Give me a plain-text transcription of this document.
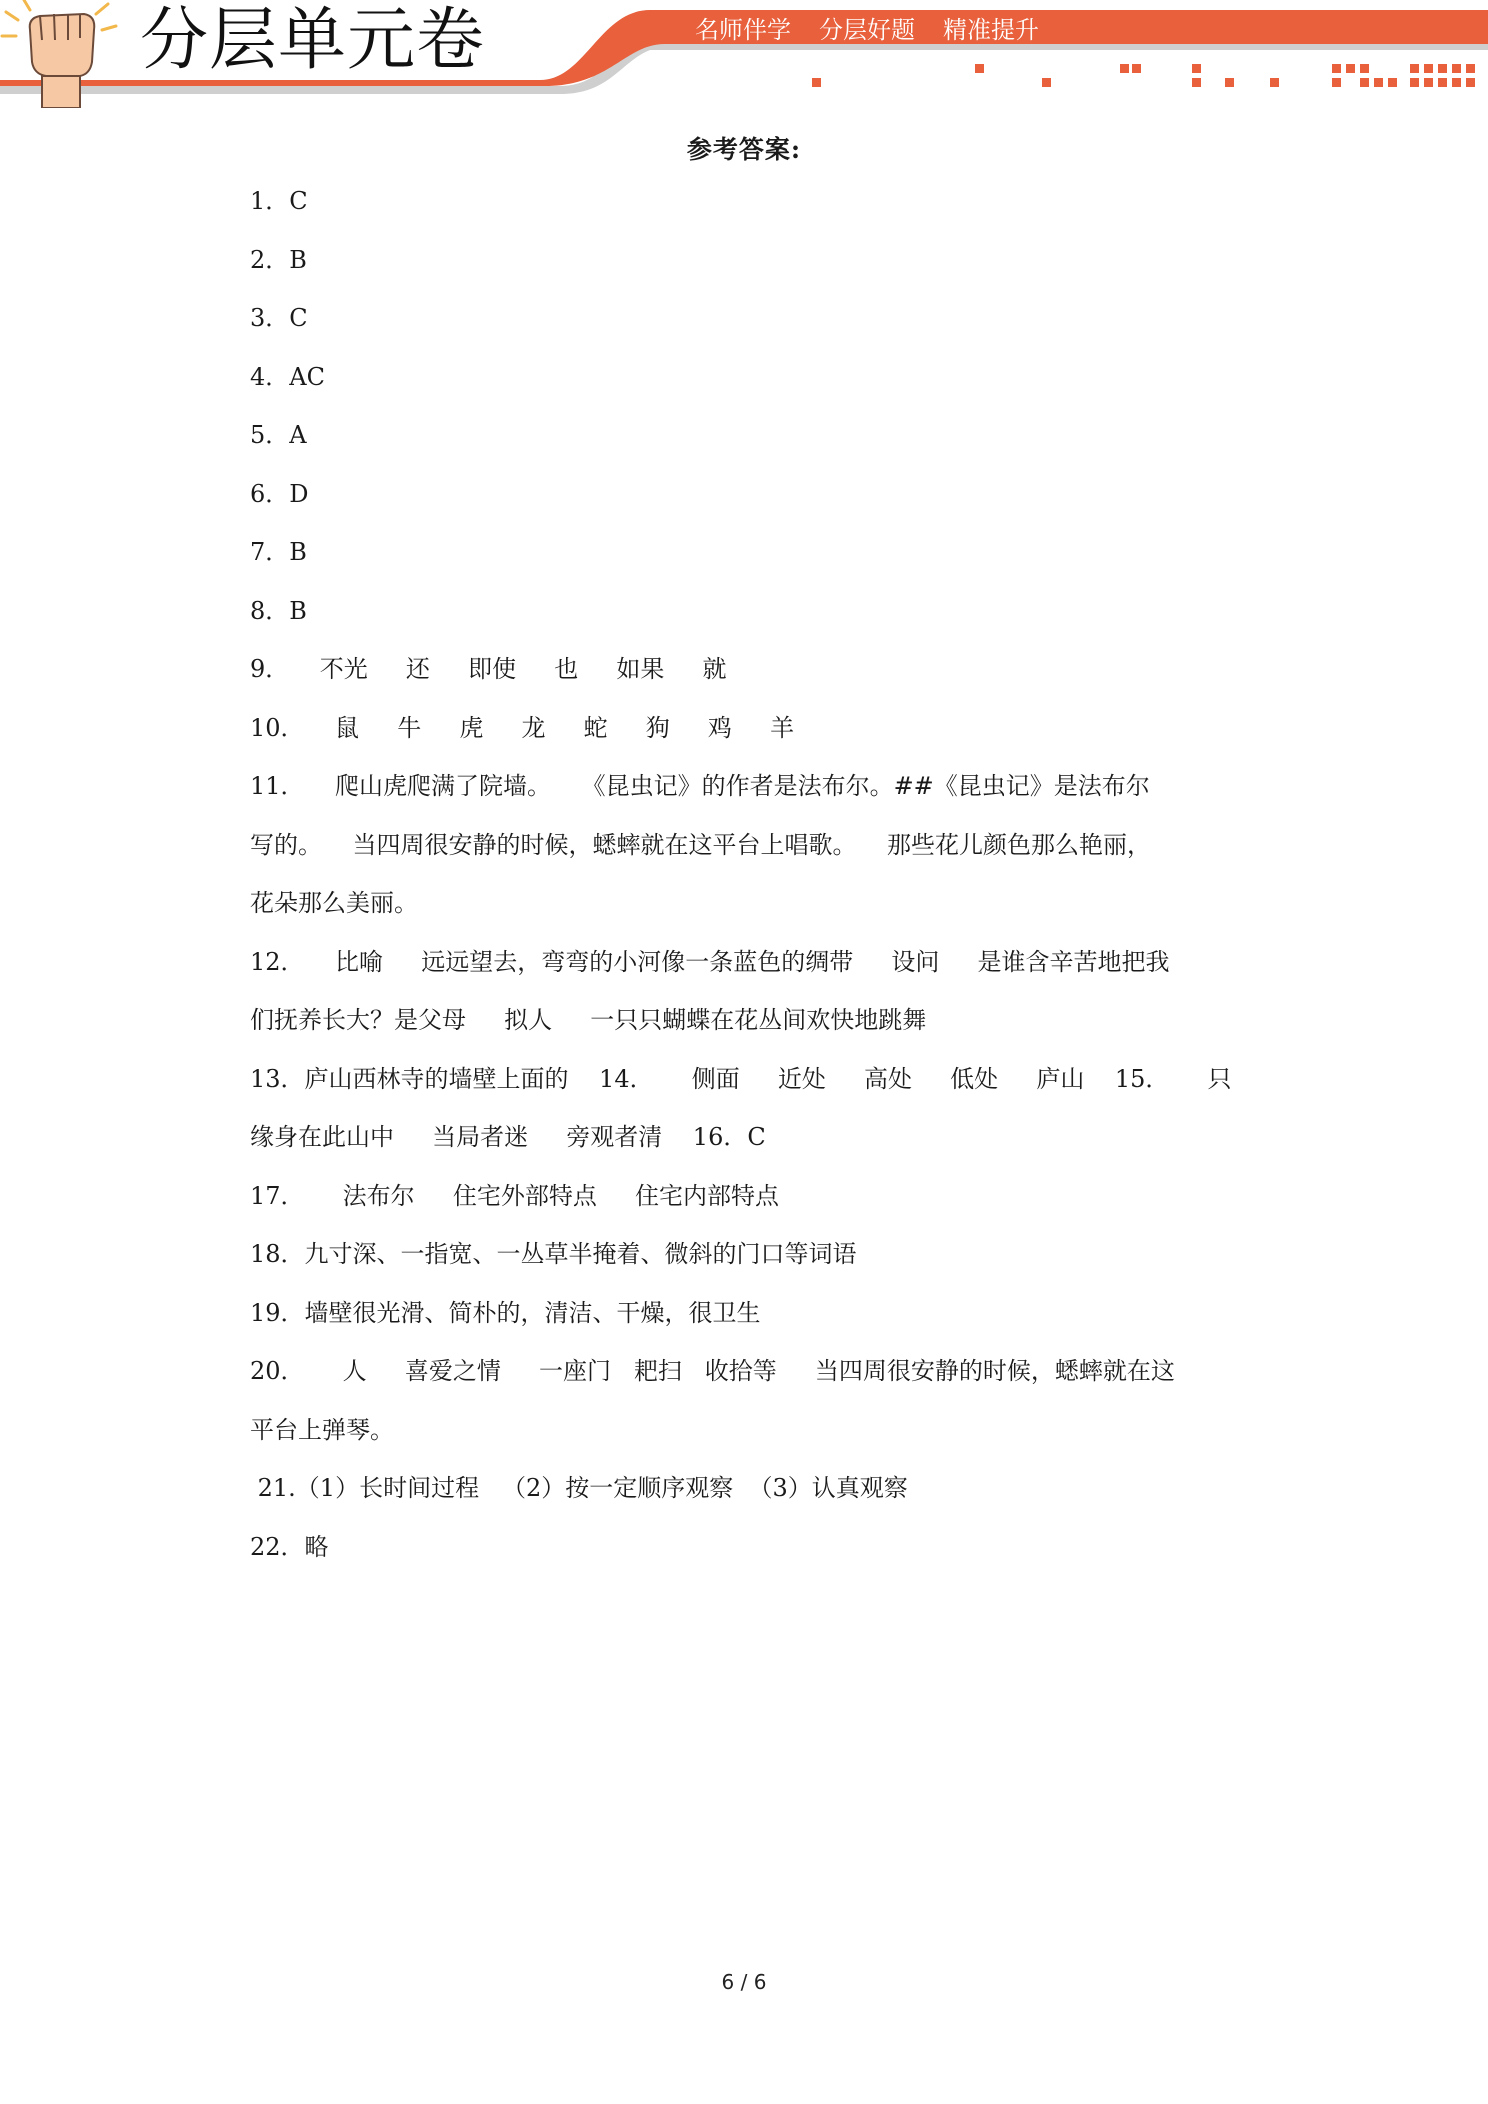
分层单元卷	名师伴学 分层好题 精准提升
参考答案:

1．C

2．B

3．C

4．AC

5．A

6．D

7．B

8．B

9．    不光     还     即使     也     如果     就

10．    鼠     牛     虎     龙     蛇     狗     鸡     羊

11．    爬山虎爬满了院墙。    《昆虫记》的作者是法布尔。##《昆虫记》是法布尔

写的。    当四周很安静的时候，蟋蟀就在这平台上唱歌。    那些花儿颜色那么艳丽，

花朵那么美丽。

12．    比喻     远远望去，弯弯的小河像一条蓝色的绸带     设问     是谁含辛苦地把我

们抚养长大？是父母     拟人     一只只蝴蝶在花丛间欢快地跳舞

13．庐山西林寺的墙壁上面的    14．     侧面     近处     高处     低处     庐山    15．     只

缘身在此山中     当局者迷     旁观者清    16．C

17．     法布尔     住宅外部特点     住宅内部特点

18．九寸深、一指宽、一丛草半掩着、微斜的门口等词语

19．墙壁很光滑、简朴的，清洁、干燥，很卫生

20．     人     喜爱之情     一座门   耙扫   收拾等     当四周很安静的时候，蟋蟀就在这

平台上弹琴。

21.（1）长时间过程   （2）按一定顺序观察  （3）认真观察

22．略

6 / 6
